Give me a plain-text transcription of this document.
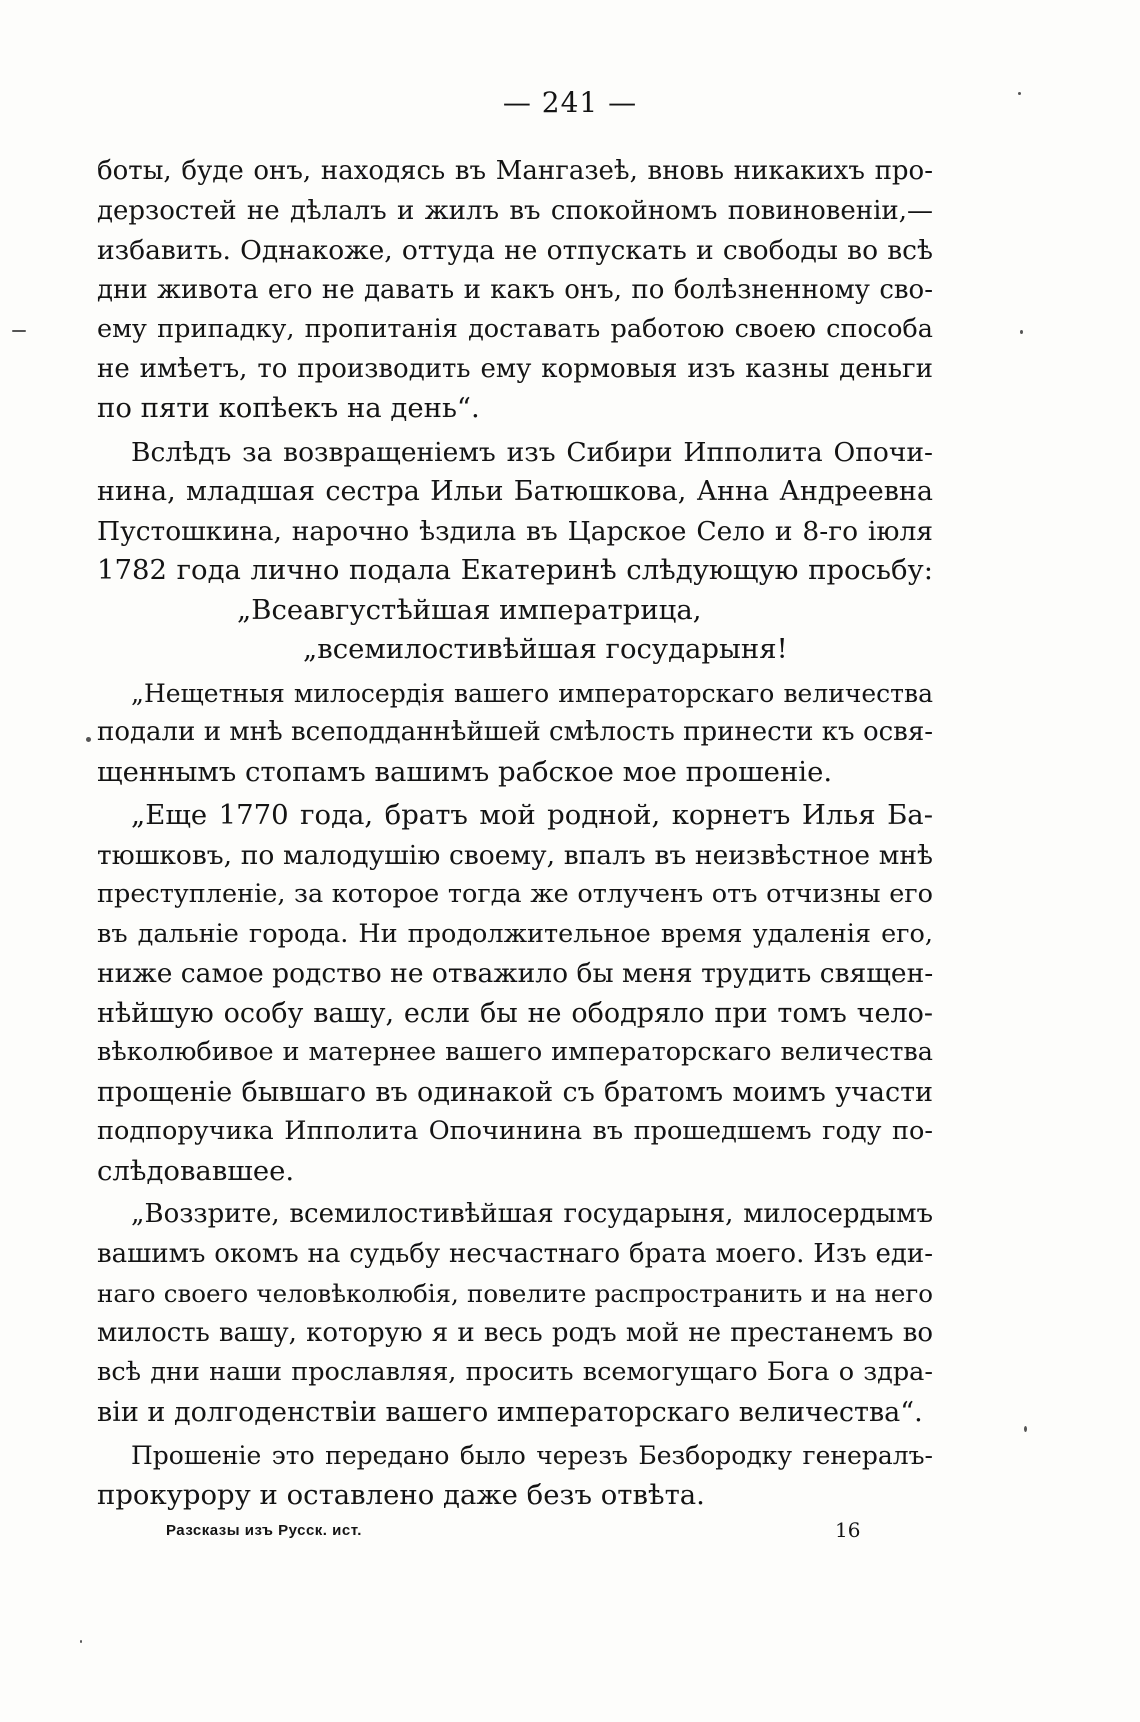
— 241 —
боты, буде онъ, находясь въ Мангазеѣ, вновь никакихъ про-
дерзостей не дѣлалъ и жилъ въ спокойномъ повиновеніи,—
избавить. Однакоже, оттуда не отпускать и свободы во всѣ
дни живота его не давать и какъ онъ, по болѣзненному сво-
ему припадку, пропитанія доставать работою своею способа
не имѣетъ, то производить ему кормовыя изъ казны деньги
по пяти копѣекъ на день“.
Вслѣдъ за возвращеніемъ изъ Сибири Ипполита Опочи-
нина, младшая сестра Ильи Батюшкова, Анна Андреевна
Пустошкина, нарочно ѣздила въ Царское Село и 8-го іюля
1782 года лично подала Екатеринѣ слѣдующую просьбу:
„Всеавгустѣйшая императрица,
„всемилостивѣйшая государыня!
„Нещетныя милосердія вашего императорскаго величества
подали и мнѣ всеподданнѣйшей смѣлость принести къ освя-
щеннымъ стопамъ вашимъ рабское мое прошеніе.
„Еще 1770 года, братъ мой родной, корнетъ Илья Ба-
тюшковъ, по малодушію своему, впалъ въ неизвѣстное мнѣ
преступленіе, за которое тогда же отлученъ отъ отчизны его
въ дальніе города. Ни продолжительное время удаленія его,
ниже самое родство не отважило бы меня трудить священ-
нѣйшую особу вашу, если бы не ободряло при томъ чело-
вѣколюбивое и матернее вашего императорскаго величества
прощеніе бывшаго въ одинакой съ братомъ моимъ участи
подпоручика Ипполита Опочинина въ прошедшемъ году по-
слѣдовавшее.
„Воззрите, всемилостивѣйшая государыня, милосердымъ
вашимъ окомъ на судьбу несчастнаго брата моего. Изъ еди-
наго своего человѣколюбія, повелите распространить и на него
милость вашу, которую я и весь родъ мой не престанемъ во
всѣ дни наши прославляя, просить всемогущаго Бога о здра-
віи и долгоденствіи вашего императорскаго величества“.
Прошеніе это передано было черезъ Безбородку генералъ-
прокурору и оставлено даже безъ отвѣта.
Разсказы изъ Русск. ист.	16
